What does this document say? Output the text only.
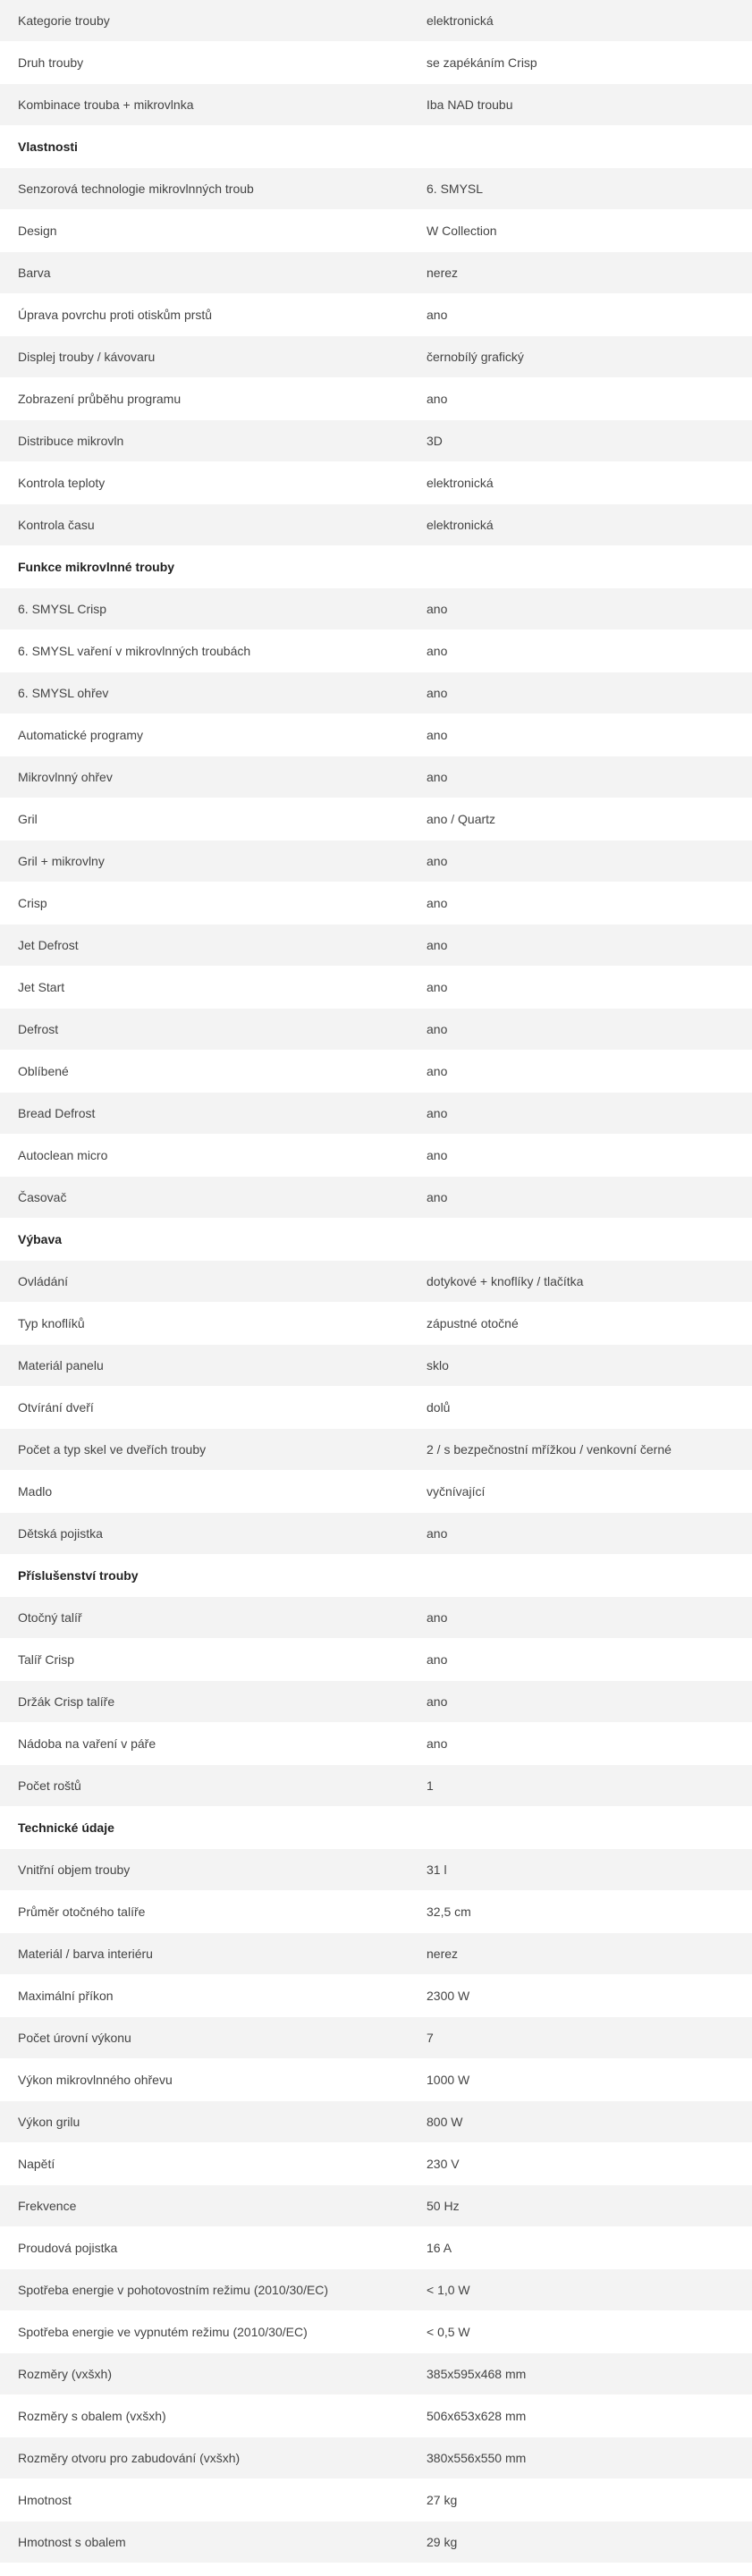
Kategorie trouby	elektronická
Druh trouby	se zapékáním Crisp
Kombinace trouba + mikrovlnka	Iba NAD troubu
Vlastnosti
Senzorová technologie mikrovlnných troub	6. SMYSL
Design	W Collection
Barva	nerez
Úprava povrchu proti otiskům prstů	ano
Displej trouby / kávovaru	černobílý grafický
Zobrazení průběhu programu	ano
Distribuce mikrovln	3D
Kontrola teploty	elektronická
Kontrola času	elektronická
Funkce mikrovlnné trouby
6. SMYSL Crisp	ano
6. SMYSL vaření v mikrovlnných troubách	ano
6. SMYSL ohřev	ano
Automatické programy	ano
Mikrovlnný ohřev	ano
Gril	ano / Quartz
Gril + mikrovlny	ano
Crisp	ano
Jet Defrost	ano
Jet Start	ano
Defrost	ano
Oblíbené	ano
Bread Defrost	ano
Autoclean micro	ano
Časovač	ano
Výbava
Ovládání	dotykové + knoflíky / tlačítka
Typ knoflíků	zápustné otočné
Materiál panelu	sklo
Otvírání dveří	dolů
Počet a typ skel ve dveřích trouby	2 / s bezpečnostní mřížkou / venkovní černé
Madlo	vyčnívající
Dětská pojistka	ano
Příslušenství trouby
Otočný talíř	ano
Talíř Crisp	ano
Držák Crisp talíře	ano
Nádoba na vaření v páře	ano
Počet roštů	1
Technické údaje
Vnitřní objem trouby	31 l
Průměr otočného talíře	32,5 cm
Materiál / barva interiéru	nerez
Maximální příkon	2300 W
Počet úrovní výkonu	7
Výkon mikrovlnného ohřevu	1000 W
Výkon grilu	800 W
Napětí	230 V
Frekvence	50 Hz
Proudová pojistka	16 A
Spotřeba energie v pohotovostním režimu (2010/30/EC)	< 1,0 W
Spotřeba energie ve vypnutém režimu (2010/30/EC)	< 0,5 W
Rozměry (vxšxh)	385x595x468 mm
Rozměry s obalem (vxšxh)	506x653x628 mm
Rozměry otvoru pro zabudování (vxšxh)	380x556x550 mm
Hmotnost	27 kg
Hmotnost s obalem	29 kg
